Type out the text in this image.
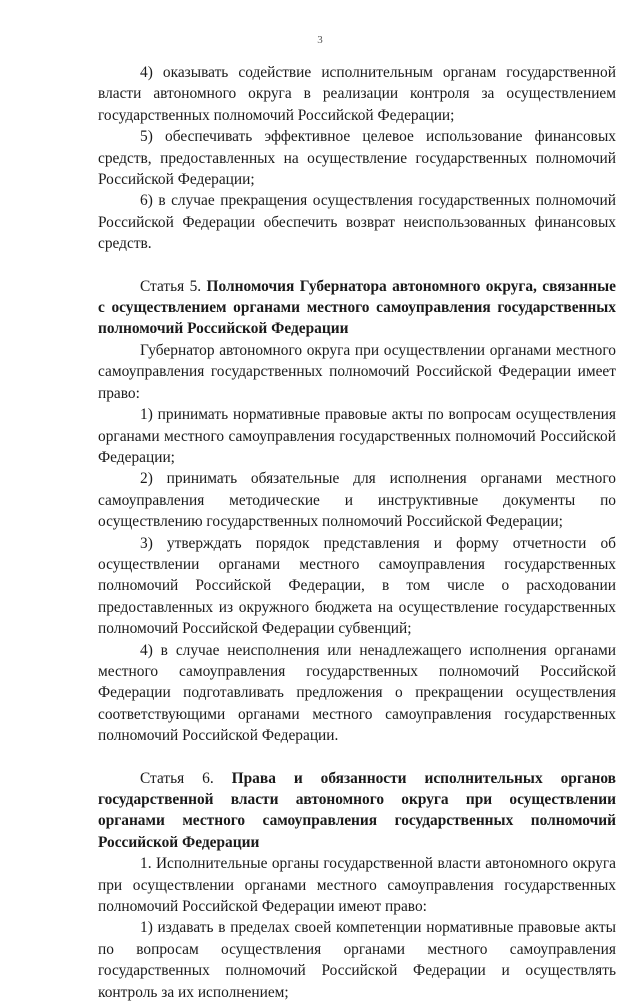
3

4) оказывать содействие исполнительным органам государственной власти автономного округа в реализации контроля за осуществлением государственных полномочий Российской Федерации;

5) обеспечивать эффективное целевое использование финансовых средств, предоставленных на осуществление государственных полномочий Российской Федерации;

6) в случае прекращения осуществления государственных полномочий Российской Федерации обеспечить возврат неиспользованных финансовых средств.

Статья 5. Полномочия Губернатора автономного округа, связанные с осуществлением органами местного самоуправления государственных полномочий Российской Федерации

Губернатор автономного округа при осуществлении органами местного самоуправления государственных полномочий Российской Федерации имеет право:

1) принимать нормативные правовые акты по вопросам осуществления органами местного самоуправления государственных полномочий Российской Федерации;

2) принимать обязательные для исполнения органами местного самоуправления методические и инструктивные документы по осуществлению государственных полномочий Российской Федерации;

3) утверждать порядок представления и форму отчетности об осуществлении органами местного самоуправления государственных полномочий Российской Федерации, в том числе о расходовании предоставленных из окружного бюджета на осуществление государственных полномочий Российской Федерации субвенций;

4) в случае неисполнения или ненадлежащего исполнения органами местного самоуправления государственных полномочий Российской Федерации подготавливать предложения о прекращении осуществления соответствующими органами местного самоуправления государственных полномочий Российской Федерации.

Статья 6. Права и обязанности исполнительных органов государственной власти автономного округа при осуществлении органами местного самоуправления государственных полномочий Российской Федерации

1. Исполнительные органы государственной власти автономного округа при осуществлении органами местного самоуправления государственных полномочий Российской Федерации имеют право:

1) издавать в пределах своей компетенции нормативные правовые акты по вопросам осуществления органами местного самоуправления государственных полномочий Российской Федерации и осуществлять контроль за их исполнением;
